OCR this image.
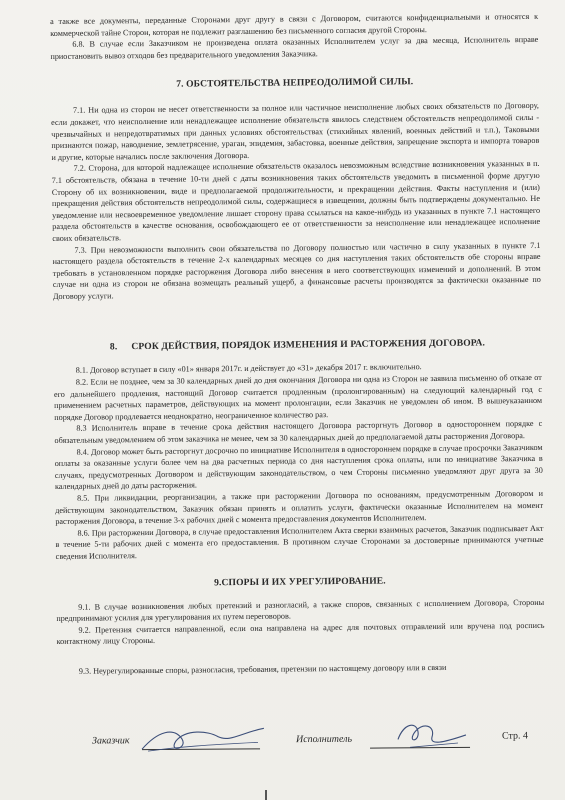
а также все документы, переданные Сторонами друг другу в связи с Договором, считаются конфиденциальными и относятся к коммерческой тайне Сторон, которая не подлежит разглашению без письменного согласия другой Стороны.

6.8. В случае если Заказчиком не произведена оплата оказанных Исполнителем услуг за два месяца, Исполнитель вправе приостановить вывоз отходов без предварительного уведомления Заказчика.

7. ОБСТОЯТЕЛЬСТВА НЕПРЕОДОЛИМОЙ СИЛЫ.

7.1. Ни одна из сторон не несет ответственности за полное или частичное неисполнение любых своих обязательств по Договору, если докажет, что неисполнение или ненадлежащее исполнение обязательств явилось следствием обстоятельств непреодолимой силы - чрезвычайных и непредотвратимых при данных условиях обстоятельствах (стихийных явлений, военных действий и т.п.), Таковыми признаются пожар, наводнение, землетрясение, ураган, эпидемия, забастовка, военные действия, запрещение экспорта и импорта товаров и другие, которые начались после заключения Договора.

7.2. Сторона, для которой надлежащее исполнение обязательств оказалось невозможным вследствие возникновения указанных в п. 7.1 обстоятельств, обязана в течение 10-ти дней с даты возникновения таких обстоятельств уведомить в письменной форме другую Сторону об их возникновении, виде и предполагаемой продолжительности, и прекращении действия. Факты наступления и (или) прекращения действия обстоятельств непреодолимой силы, содержащиеся в извещении, должны быть подтверждены документально. Не уведомление или несвоевременное уведомление лишает сторону права ссылаться на какое-нибудь из указанных в пункте 7.1 настоящего раздела обстоятельств в качестве основания, освобождающего ее от ответственности за неисполнение или ненадлежащее исполнение своих обязательств.

7.3. При невозможности выполнить свои обязательства по Договору полностью или частично в силу указанных в пункте 7.1 настоящего раздела обстоятельств в течение 2-х календарных месяцев со дня наступления таких обстоятельств обе стороны вправе требовать в установленном порядке расторжения Договора либо внесения в него соответствующих изменений и дополнений. В этом случае ни одна из сторон не обязана возмещать реальный ущерб, а финансовые расчеты производятся за фактически оказанные по Договору услуги.

8. СРОК ДЕЙСТВИЯ, ПОРЯДОК ИЗМЕНЕНИЯ И РАСТОРЖЕНИЯ ДОГОВОРА.

8.1. Договор вступает в силу «01» января 2017г. и действует до «31» декабря 2017 г. включительно.

8.2. Если не позднее, чем за 30 календарных дней до дня окончания Договора ни одна из Сторон не заявила письменно об отказе от его дальнейшего продления, настоящий Договор считается продленным (пролонгированным) на следующий календарный год с применением расчетных параметров, действующих на момент пролонгации, если Заказчик не уведомлен об ином. В вышеуказанном порядке Договор продлевается неоднократно, неограниченное количество раз.

8.3 Исполнитель вправе в течение срока действия настоящего Договора расторгнуть Договор в одностороннем порядке с обязательным уведомлением об этом заказчика не менее, чем за 30 календарных дней до предполагаемой даты расторжения Договора.

8.4. Договор может быть расторгнут досрочно по инициативе Исполнителя в одностороннем порядке в случае просрочки Заказчиком оплаты за оказанные услуги более чем на два расчетных периода со дня наступления срока оплаты, или по инициативе Заказчика в случаях, предусмотренных Договором и действующим законодательством, о чем Стороны письменно уведомляют друг друга за 30 календарных дней до даты расторжения.

8.5. При ликвидации, реорганизации, а также при расторжении Договора по основаниям, предусмотренным Договором и действующим законодательством, Заказчик обязан принять и оплатить услуги, фактически оказанные Исполнителем на момент расторжения Договора, в течение 3-х рабочих дней с момента предоставления документов Исполнителем.

8.6. При расторжении Договора, в случае предоставления Исполнителем Акта сверки взаимных расчетов, Заказчик подписывает Акт в течение 5-ти рабочих дней с момента его предоставления. В противном случае Сторонами за достоверные принимаются учетные сведения Исполнителя.

9.СПОРЫ И ИХ УРЕГУЛИРОВАНИЕ.

9.1. В случае возникновения любых претензий и разногласий, а также споров, связанных с исполнением Договора, Стороны предпринимают усилия для урегулирования их путем переговоров.

9.2. Претензия считается направленной, если она направлена на адрес для почтовых отправлений или вручена под роспись контактному лицу Стороны.

9.3. Неурегулированные споры, разногласия, требования, претензии по настоящему договору или в связи

Заказчик	Исполнитель	Стр. 4
